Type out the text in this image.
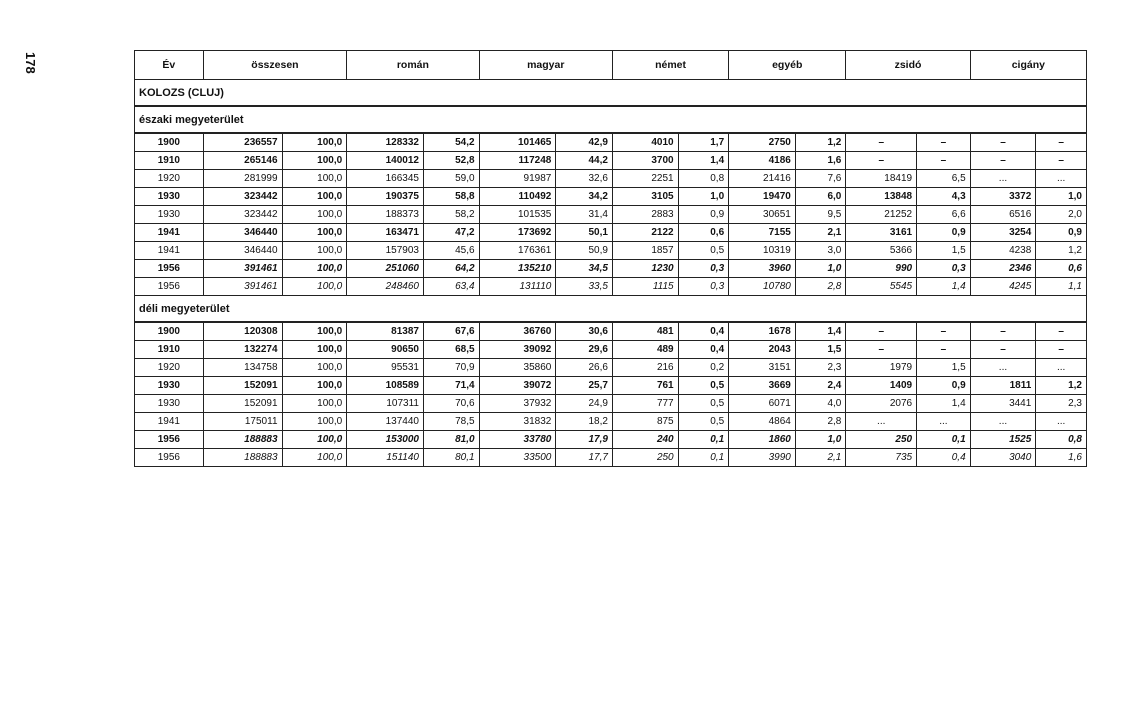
178	Év	összesen		román		magyar		német		egyéb		zsidó		cigány	
KOLOZS (CLUJ)														
északi megyeterület														
1900	236557	100,0	128332	54,2	101465	42,9	4010	1,7	2750	1,2	–	–	–	–
1910	265146	100,0	140012	52,8	117248	44,2	3700	1,4	4186	1,6	–	–	–	–
1920	281999	100,0	166345	59,0	91987	32,6	2251	0,8	21416	7,6	18419	6,5	...	...
1930	323442	100,0	190375	58,8	110492	34,2	3105	1,0	19470	6,0	13848	4,3	3372	1,0
1930	323442	100,0	188373	58,2	101535	31,4	2883	0,9	30651	9,5	21252	6,6	6516	2,0
1941	346440	100,0	163471	47,2	173692	50,1	2122	0,6	7155	2,1	3161	0,9	3254	0,9
1941	346440	100,0	157903	45,6	176361	50,9	1857	0,5	10319	3,0	5366	1,5	4238	1,2
1956	391461	100,0	251060	64,2	135210	34,5	1230	0,3	3960	1,0	990	0,3	2346	0,6
1956	391461	100,0	248460	63,4	131110	33,5	1115	0,3	10780	2,8	5545	1,4	4245	1,1
déli megyeterület														
1900	120308	100,0	81387	67,6	36760	30,6	481	0,4	1678	1,4	–	–	–	–
1910	132274	100,0	90650	68,5	39092	29,6	489	0,4	2043	1,5	–	–	–	–
1920	134758	100,0	95531	70,9	35860	26,6	216	0,2	3151	2,3	1979	1,5	...	...
1930	152091	100,0	108589	71,4	39072	25,7	761	0,5	3669	2,4	1409	0,9	1811	1,2
1930	152091	100,0	107311	70,6	37932	24,9	777	0,5	6071	4,0	2076	1,4	3441	2,3
1941	175011	100,0	137440	78,5	31832	18,2	875	0,5	4864	2,8	...	...	...	...
1956	188883	100,0	153000	81,0	33780	17,9	240	0,1	1860	1,0	250	0,1	1525	0,8
1956	188883	100,0	151140	80,1	33500	17,7	250	0,1	3990	2,1	735	0,4	3040	1,6
